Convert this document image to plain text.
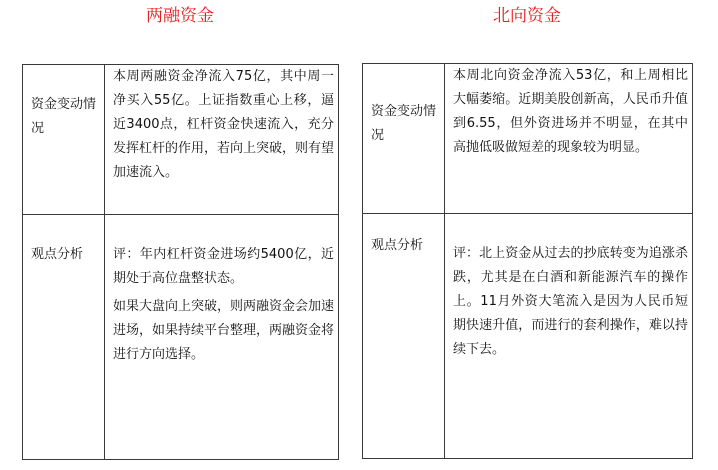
两融资金	北向资金
资金变动情况	本周两融资金净流入75亿，其中周一净买入55亿。上证指数重心上移，逼近3400点，杠杆资金快速流入，充分发挥杠杆的作用，若向上突破，则有望加速流入。

观点分析	评：年内杠杆资金进场约5400亿，近期处于高位盘整状态。
如果大盘向上突破，则两融资金会加速进场，如果持续平台整理，两融资金将进行方向选择。
资金变动情况	本周北向资金净流入53亿，和上周相比大幅萎缩。近期美股创新高，人民币升值到6.55，但外资进场并不明显，在其中高抛低吸做短差的现象较为明显。

观点分析	评：北上资金从过去的抄底转变为追涨杀跌，尤其是在白酒和新能源汽车的操作上。11月外资大笔流入是因为人民币短期快速升值，而进行的套利操作，难以持续下去。
